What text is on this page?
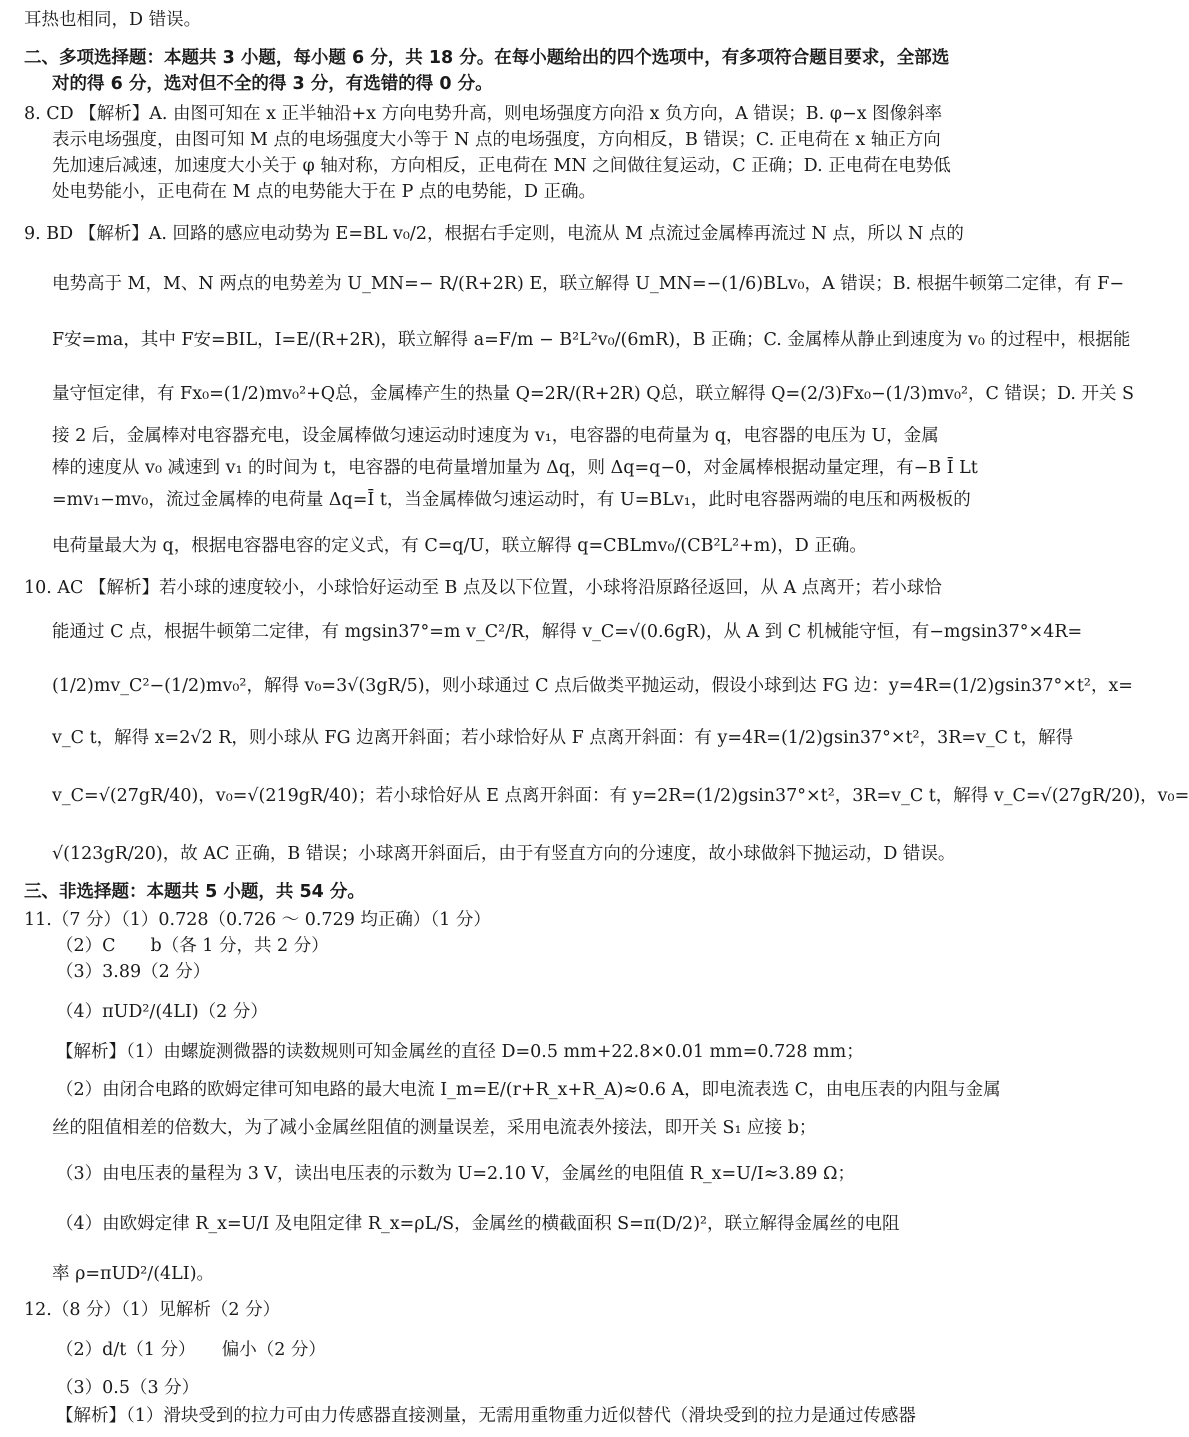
耳热也相同，D 错误。
二、多项选择题：本题共 3 小题，每小题 6 分，共 18 分。在每小题给出的四个选项中，有多项符合题目要求，全部选
对的得 6 分，选对但不全的得 3 分，有选错的得 0 分。
8. CD 【解析】A. 由图可知在 x 正半轴沿+x 方向电势升高，则电场强度方向沿 x 负方向，A 错误；B. φ−x 图像斜率
表示电场强度，由图可知 M 点的电场强度大小等于 N 点的电场强度，方向相反，B 错误；C. 正电荷在 x 轴正方向
先加速后减速，加速度大小关于 φ 轴对称，方向相反，正电荷在 MN 之间做往复运动，C 正确；D. 正电荷在电势低
处电势能小，正电荷在 M 点的电势能大于在 P 点的电势能，D 正确。
9. BD 【解析】A. 回路的感应电动势为 E=BL v₀/2，根据右手定则，电流从 M 点流过金属棒再流过 N 点，所以 N 点的
电势高于 M，M、N 两点的电势差为 U_MN=− R/(R+2R) E，联立解得 U_MN=−(1/6)BLv₀，A 错误；B. 根据牛顿第二定律，有 F−
F安=ma，其中 F安=BIL，I=E/(R+2R)，联立解得 a=F/m − B²L²v₀/(6mR)，B 正确；C. 金属棒从静止到速度为 v₀ 的过程中，根据能
量守恒定律，有 Fx₀=(1/2)mv₀²+Q总，金属棒产生的热量 Q=2R/(R+2R) Q总，联立解得 Q=(2/3)Fx₀−(1/3)mv₀²，C 错误；D. 开关 S
接 2 后，金属棒对电容器充电，设金属棒做匀速运动时速度为 v₁，电容器的电荷量为 q，电容器的电压为 U，金属
棒的速度从 v₀ 减速到 v₁ 的时间为 t，电容器的电荷量增加量为 Δq，则 Δq=q−0，对金属棒根据动量定理，有−B Ī Lt
=mv₁−mv₀，流过金属棒的电荷量 Δq=Ī t，当金属棒做匀速运动时，有 U=BLv₁，此时电容器两端的电压和两极板的
电荷量最大为 q，根据电容器电容的定义式，有 C=q/U，联立解得 q=CBLmv₀/(CB²L²+m)，D 正确。
10. AC 【解析】若小球的速度较小，小球恰好运动至 B 点及以下位置，小球将沿原路径返回，从 A 点离开；若小球恰
能通过 C 点，根据牛顿第二定律，有 mgsin37°=m v_C²/R，解得 v_C=√(0.6gR)，从 A 到 C 机械能守恒，有−mgsin37°×4R=
(1/2)mv_C²−(1/2)mv₀²，解得 v₀=3√(3gR/5)，则小球通过 C 点后做类平抛运动，假设小球到达 FG 边：y=4R=(1/2)gsin37°×t²，x=
v_C t，解得 x=2√2 R，则小球从 FG 边离开斜面；若小球恰好从 F 点离开斜面：有 y=4R=(1/2)gsin37°×t²，3R=v_C t，解得
v_C=√(27gR/40)，v₀=√(219gR/40)；若小球恰好从 E 点离开斜面：有 y=2R=(1/2)gsin37°×t²，3R=v_C t，解得 v_C=√(27gR/20)，v₀=
√(123gR/20)，故 AC 正确，B 错误；小球离开斜面后，由于有竖直方向的分速度，故小球做斜下抛运动，D 错误。
三、非选择题：本题共 5 小题，共 54 分。
11.（7 分）（1）0.728（0.726 ～ 0.729 均正确）（1 分）
（2）C　　b（各 1 分，共 2 分）
（3）3.89（2 分）
（4）πUD²/(4LI)（2 分）
【解析】（1）由螺旋测微器的读数规则可知金属丝的直径 D=0.5 mm+22.8×0.01 mm=0.728 mm；
（2）由闭合电路的欧姆定律可知电路的最大电流 I_m=E/(r+R_x+R_A)≈0.6 A，即电流表选 C，由电压表的内阻与金属
丝的阻值相差的倍数大，为了减小金属丝阻值的测量误差，采用电流表外接法，即开关 S₁ 应接 b；
（3）由电压表的量程为 3 V，读出电压表的示数为 U=2.10 V，金属丝的电阻值 R_x=U/I≈3.89 Ω；
（4）由欧姆定律 R_x=U/I 及电阻定律 R_x=ρL/S，金属丝的横截面积 S=π(D/2)²，联立解得金属丝的电阻
率 ρ=πUD²/(4LI)。
12.（8 分）（1）见解析（2 分）
（2）d/t（1 分）　　偏小（2 分）
（3）0.5（3 分）
【解析】（1）滑块受到的拉力可由力传感器直接测量，无需用重物重力近似替代（滑块受到的拉力是通过传感器
